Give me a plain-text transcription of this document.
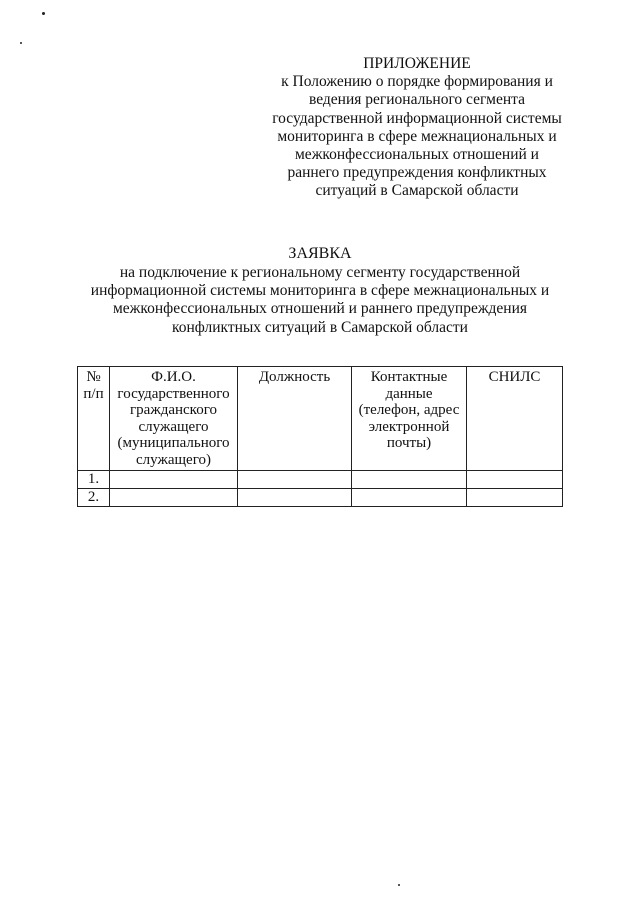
ПРИЛОЖЕНИЕ
к Положению о порядке формирования и
ведения регионального сегмента
государственной информационной системы
мониторинга в сфере межнациональных и
межконфессиональных отношений и
раннего предупреждения конфликтных
ситуаций в Самарской области
ЗАЯВКА
на подключение к региональному сегменту государственной
информационной системы мониторинга в сфере межнациональных и
межконфессиональных отношений и раннего предупреждения
конфликтных ситуаций в Самарской области
№ п/п	Ф.И.О. государственного гражданского служащего (муниципального служащего)	Должность	Контактные данные (телефон, адрес электронной почты)	СНИЛС
1.				
2.				
